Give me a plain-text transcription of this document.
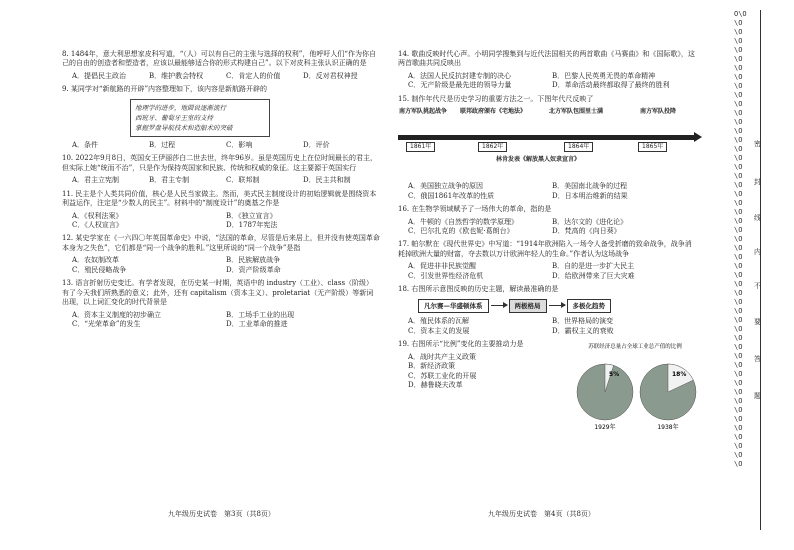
8. 1484年，意大利思想家皮科写道，“（人）可以有自己的主张与选择的权利”，他呼吁人们“作为你自己的自由的创造者和塑造者，应该以最能够适合你的形式构建自己”。以下对皮科主张认识正确的是

A．提倡民主政治	B．维护教会特权	C．肯定人的价值	D．反对君权神授

9. 某同学对“新航路的开辟”内容整理如下，该内容是新航路开辟的

地理学的进步，地圆说逐渐流行
西班牙、葡萄牙王室的支持
掌握罗盘导航技术和造船术的突破
A．条件	B．过程	C．影响	D．评价

10. 2022年9月8日，英国女王伊丽莎白二世去世，终年96岁。虽是英国历史上在位时间最长的君主，但实际上她“统而不治”，只是作为保持英国家和民族、传统和权威的象征。这主要源于英国实行

A．君主立宪制	B．君主专制	C．联邦制	D．民主共和制

11. 民主是个人类共同价值，核心是人民当家做主。然而，美式民主制度设计的初始逻辑就是围绕资本利益运作，注定是“少数人的民主”。材料中的“制度设计”的奠基之作是

A．《权利法案》	B．《独立宣言》
C．《人权宣言》	D．1787年宪法

12. 某史学家在《一六四〇年英国革命史》中说，“法国的革命，尽管是后来居上，但并没有使英国革命本身为之失色”，它们都是“同一个战争的胜利。”这里所说的“同一个战争”是指

A．农奴制改革	B．民族解放战争
C．殖民侵略战争	D．资产阶级革命

13. 语言折射历史变迁。有学者发现，在历史某一时期，英语中的 industry（工业）、class（阶级）有了今天我们所熟悉的意义；此外，还有 capitalism（资本主义）、proletariat（无产阶级）等新词出现，以上词汇变化的时代背景是

A．资本主义制度的初步确立	B．工场手工业的出现
C．“光荣革命”的发生	D．工业革命的推进
九年级历史试卷　第3页（共8页）

14. 歌曲反映时代心声。小明同学搜集到与近代法国相关的两首歌曲《马赛曲》和《国际歌》，这两首歌曲共同反映出

A．法国人民反抗封建专制的决心	B．巴黎人民英勇无畏的革命精神
C．无产阶级是最先进的领导力量	D．革命活动最终都取得了最终的胜利

15. 制作年代尺是历史学习的重要方法之一。下图年代尺反映了

南方军队挑起战争	联邦政府颁布《宅地法》	北方军队包围里士满	南方军队投降
1861年	1862年	1864年	1865年
林肯发表《解放黑人奴隶宣言》
A．美国独立战争的原因	B．美国南北战争的过程
C．俄国1861年改革的性质	D．日本明治维新的结果

16. 在生物学领域赋予了一场伟大的革命，指的是

A．牛顿的《自然哲学的数学原理》	B．达尔文的《进化论》
C．巴尔扎克的《欧也妮·葛朗台》	D．梵高的《向日葵》

17. 帕尔默在《现代世界史》中写道：“1914年欧洲陷入一场令人备受折磨的致命战争，战争消耗掉欧洲大量的财富，夺去数以万计欧洲年轻人的生命。”作者认为这场战争

A．促进非非民族觉醒	B．自的是进一步扩大民主
C．引发世界性经济危机	D．给欧洲带来了巨大灾难

18. 右图所示意图反映的历史主题，解读最准确的是

凡尔赛—华盛顿体系	两极格局	多极化趋势
A．殖民体系的瓦解	B．世界格局的演变
C．资本主义的发展	D．霸权主义的衰败

19. 右图所示“比例”变化的主要推动力是

A．战时共产主义政策
B．新经济政策
C．苏联工业化的开展
D．赫鲁晓夫改革
苏联经济总量占全球工业总产值的比例
5%
1929年
18%
1938年
九年级历史试卷　第4页（共8页）
O\O\O\O\O\O\O\O\O\O\O\O\O\O\O\O\O\O\O\O\O\O\O\O\O\O\O\O\O\O\O\O\O\O\O\O\O\O\O\O\O\O\O\O\O\O\O\O\O\O\O\O
密
封
线
内
不
要
答
题
